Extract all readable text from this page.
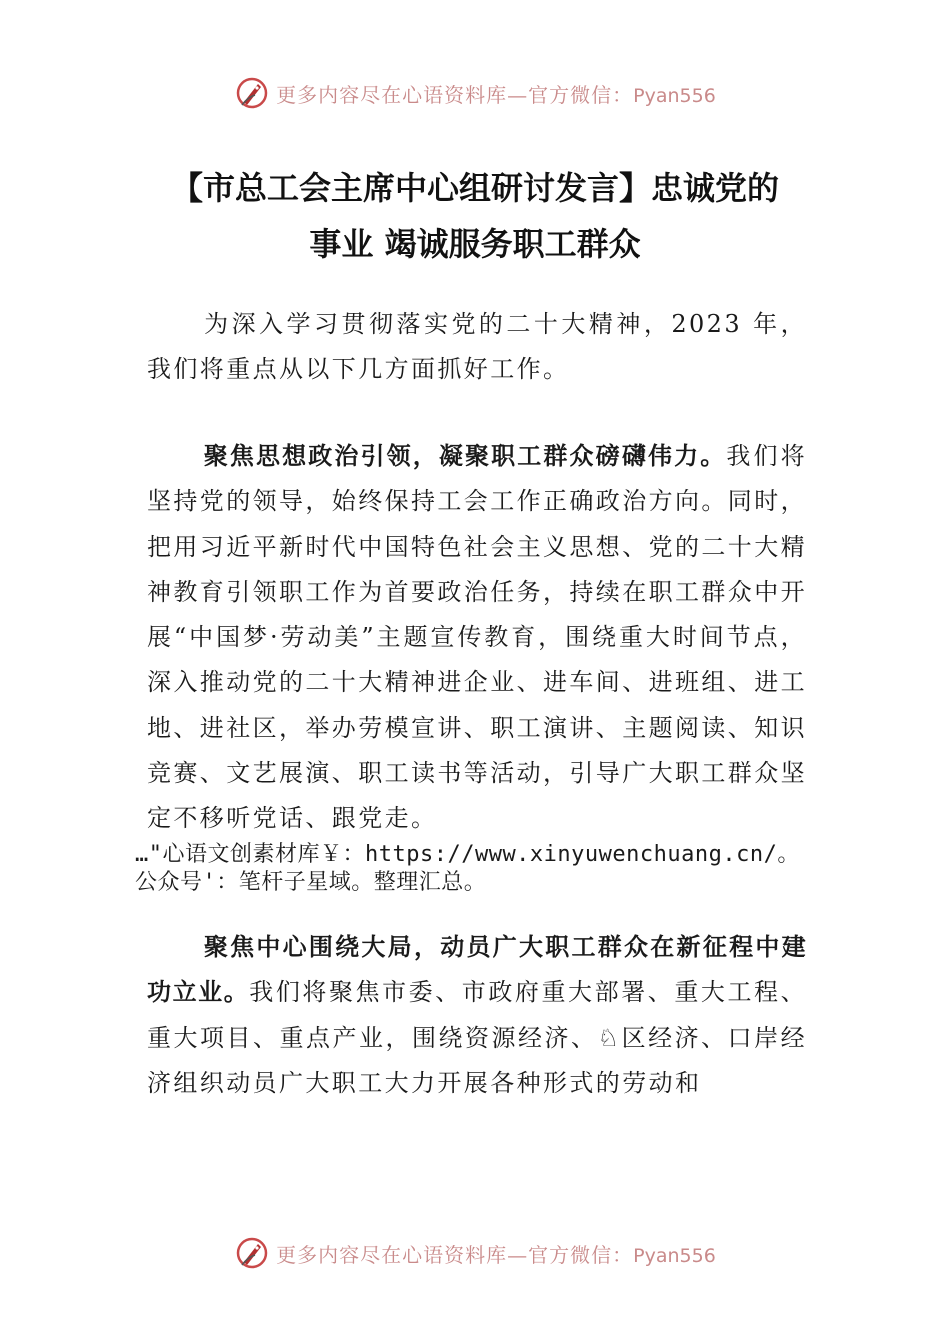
更多内容尽在心语资料库—官方微信：Pyan556
【市总工会主席中心组研讨发言】忠诚党的
事业 竭诚服务职工群众
为深入学习贯彻落实党的二十大精神，2023 年，我们将重点从以下几方面抓好工作。
聚焦思想政治引领，凝聚职工群众磅礴伟力。我们将坚持党的领导，始终保持工会工作正确政治方向。同时，把用习近平新时代中国特色社会主义思想、党的二十大精神教育引领职工作为首要政治任务，持续在职工群众中开展“中国梦·劳动美”主题宣传教育，围绕重大时间节点，深入推动党的二十大精神进企业、进车间、进班组、进工地、进社区，举办劳模宣讲、职工演讲、主题阅读、知识竞赛、文艺展演、职工读书等活动，引导广大职工群众坚定不移听党话、跟党走。
…"心语文创素材库￥：https://www.xinyuwenchuang.cn/。公众号'：笔杆子星域。整理汇总。
聚焦中心围绕大局，动员广大职工群众在新征程中建功立业。我们将聚焦市委、市政府重大部署、重大工程、重大项目、重点产业，围绕资源经济、♘区经济、口岸经济组织动员广大职工大力开展各种形式的劳动和
更多内容尽在心语资料库—官方微信：Pyan556
